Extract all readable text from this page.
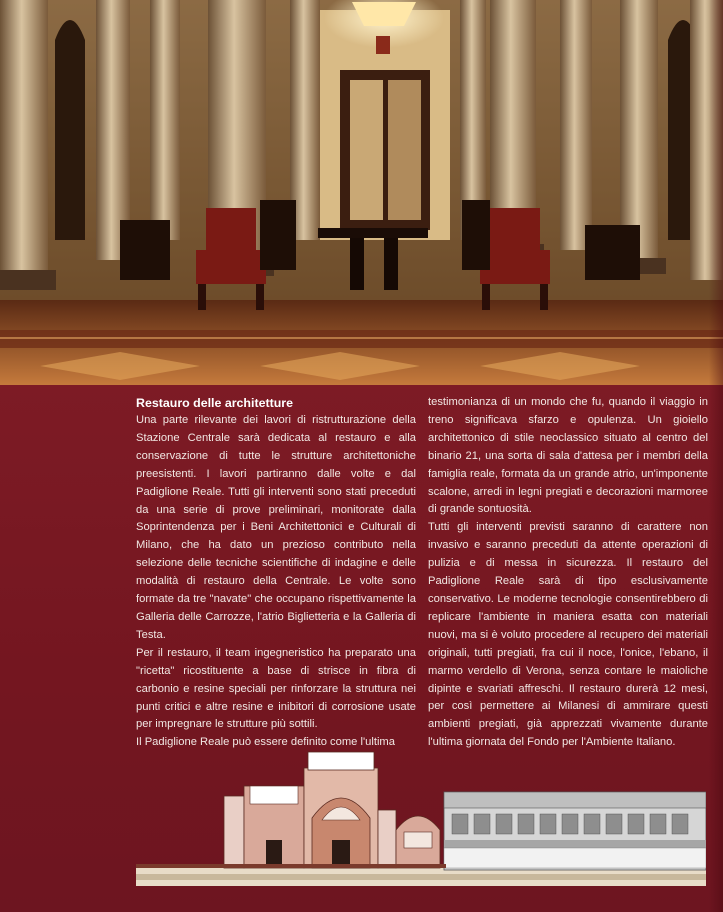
Restauro delle architetture

Una parte rilevante dei lavori di ristrutturazione della Stazione Centrale sarà dedicata al restauro e alla conservazione di tutte le strutture architettoniche preesistenti. I lavori partiranno dalle volte e dal Padiglione Reale. Tutti gli interventi sono stati preceduti da una serie di prove preliminari, monitorate dalla Soprintendenza per i Beni Architettonici e Culturali di Milano, che ha dato un prezioso contributo nella selezione delle tecniche scientifiche di indagine e delle modalità di restauro della Centrale. Le volte sono formate da tre "navate" che occupano rispettivamente la Galleria delle Carrozze, l'atrio Biglietteria e la Galleria di Testa.

Per il restauro, il team ingegneristico ha preparato una "ricetta" ricostituente a base di strisce in fibra di carbonio e resine speciali per rinforzare la struttura nei punti critici e altre resine e inibitori di corrosione usate per impregnare le strutture più sottili.

Il Padiglione Reale può essere definito come l'ultima

testimonianza di un mondo che fu, quando il viaggio in treno significava sfarzo e opulenza. Un gioiello architettonico di stile neoclassico situato al centro del binario 21, una sorta di sala d'attesa per i membri della famiglia reale, formata da un grande atrio, un'imponente scalone, arredi in legni pregiati e decorazioni marmoree di grande sontuosità.

Tutti gli interventi previsti saranno di carattere non invasivo e saranno preceduti da attente operazioni di pulizia e di messa in sicurezza. Il restauro del Padiglione Reale sarà di tipo esclusivamente conservativo. Le moderne tecnologie consentirebbero di replicare l'ambiente in maniera esatta con materiali nuovi, ma si è voluto procedere al recupero dei materiali originali, tutti pregiati, fra cui il noce, l'onice, l'ebano, il marmo verdello di Verona, senza contare le maioliche dipinte e svariati affreschi. Il restauro durerà 12 mesi, per così permettere ai Milanesi di ammirare questi ambienti pregiati, già apprezzati vivamente durante l'ultima giornata del Fondo per l'Ambiente Italiano.
